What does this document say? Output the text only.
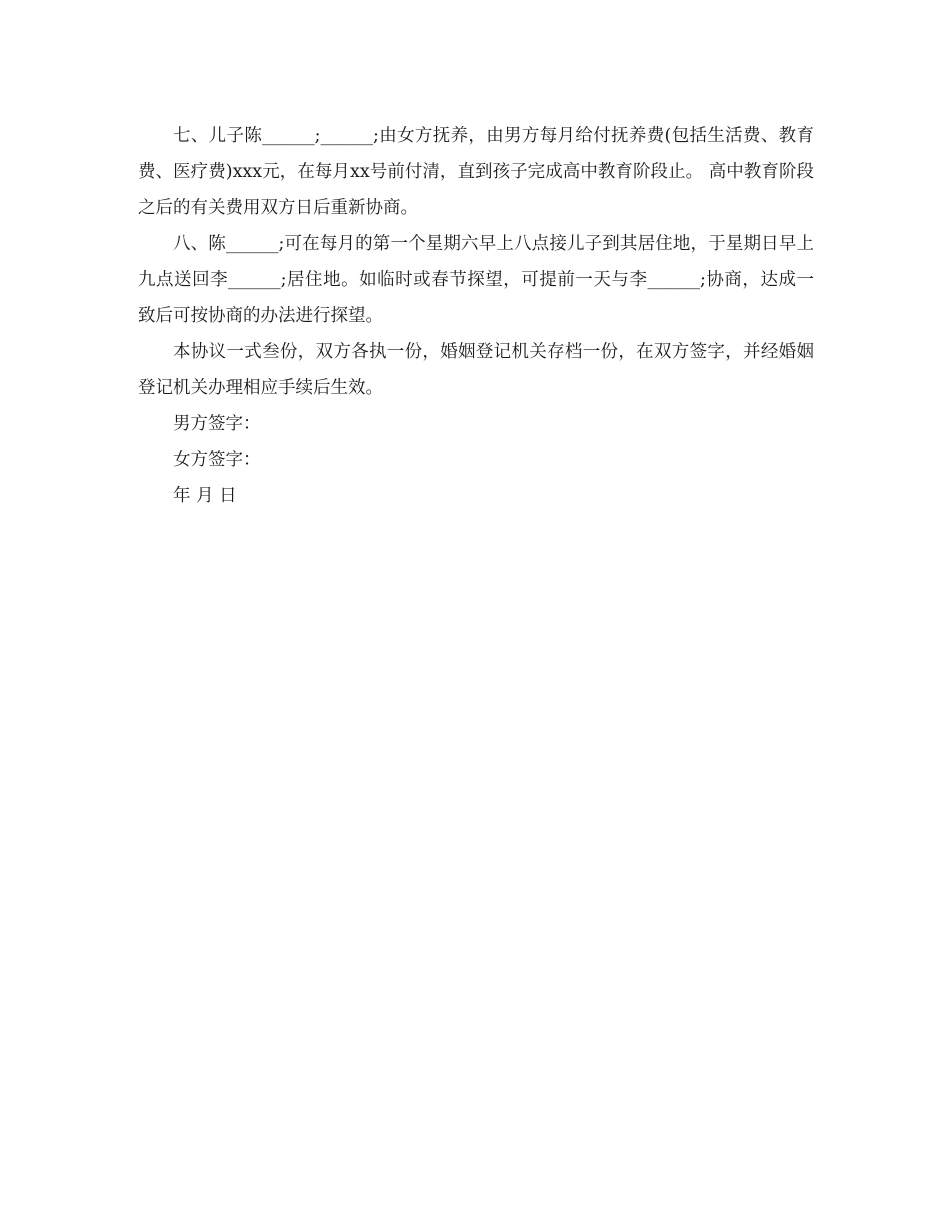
七、儿子陈______;______;由女方抚养，由男方每月给付抚养费(包括生活费、教育费、医疗费)xxx元，在每月xx号前付清，直到孩子完成高中教育阶段止。 高中教育阶段之后的有关费用双方日后重新协商。

八、陈______;可在每月的第一个星期六早上八点接儿子到其居住地，于星期日早上九点送回李______;居住地。如临时或春节探望，可提前一天与李______;协商，达成一 致后可按协商的办法进行探望。

本协议一式叁份，双方各执一份，婚姻登记机关存档一份，在双方签字，并经婚姻登记机关办理相应手续后生效。

男方签字：

女方签字：

年 月 日
